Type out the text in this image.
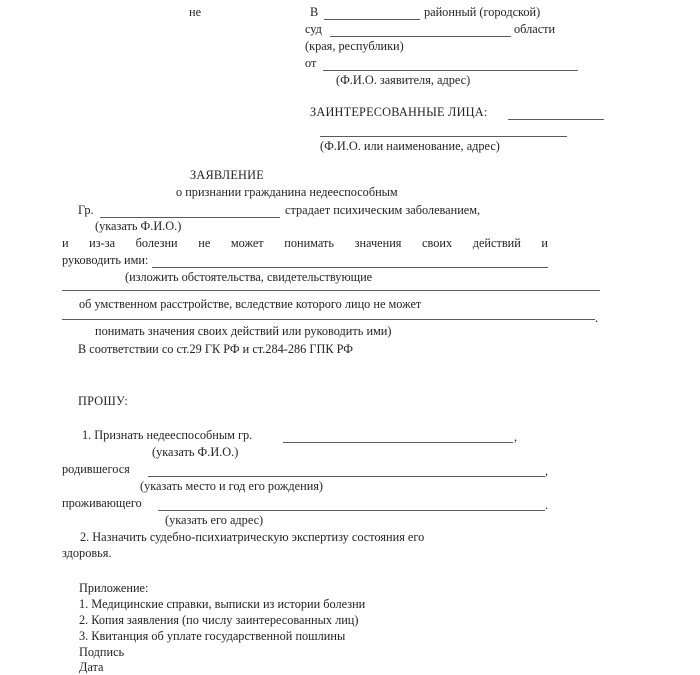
не	В	районный (городской)
суд	области
(края, республики)
от
(Ф.И.О. заявителя, адрес)
ЗАИНТЕРЕСОВАННЫЕ ЛИЦА:
(Ф.И.О. или наименование, адрес)
ЗАЯВЛЕНИЕ
о признании гражданина недееспособным
Гр.	страдает психическим заболеванием,
(указать Ф.И.О.)
и из-за болезни не может понимать значения своих действий и
руководить ими:
(изложить обстоятельства, свидетельствующие
об умственном расстройстве, вследствие которого лицо не может
.
понимать значения своих действий или руководить ими)
В соответствии со ст.29 ГК РФ и ст.284-286 ГПК РФ
ПРОШУ:
1. Признать недееспособным гр.	,
(указать Ф.И.О.)
родившегося	,
(указать место и год его рождения)
проживающего	.
(указать его адрес)
2. Назначить судебно-психиатрическую экспертизу состояния его
здоровья.
Приложение:
1. Медицинские справки, выписки из истории болезни
2. Копия заявления (по числу заинтересованных лиц)
3. Квитанция об уплате государственной пошлины
Подпись
Дата
